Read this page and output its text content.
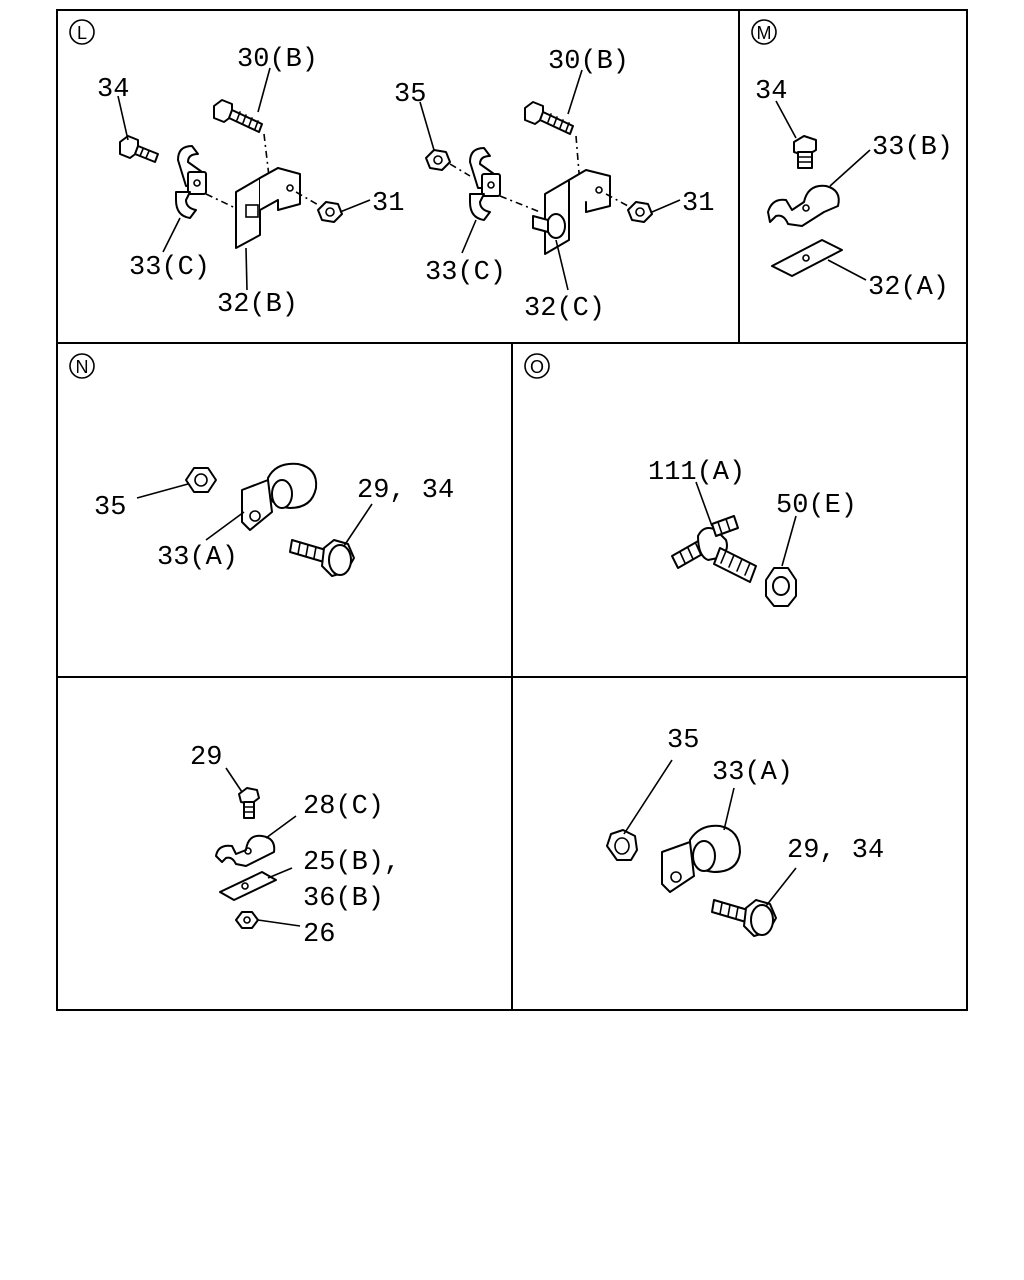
L
30(B)
34
33(C)
32(B)
31
30(B)
35
33(C)
32(C)
31
M
34
33(B)
32(A)
N
35
33(A)
29, 34
O
111(A)
50(E)
29
28(C)
25(B),
36(B)
26
35
33(A)
29, 34
